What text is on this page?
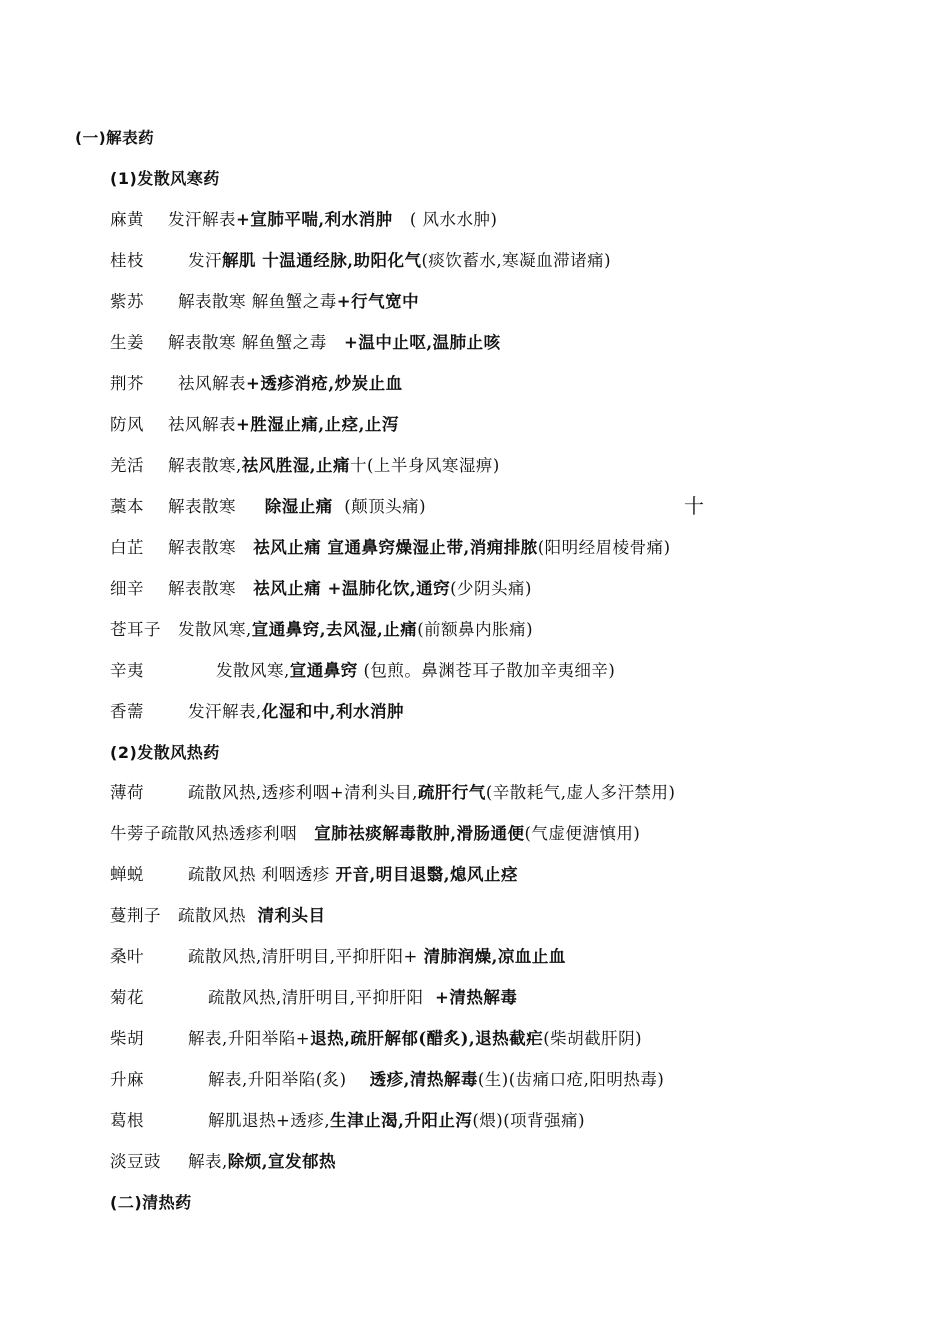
(一)解表药
(1)发散风寒药
麻黄 发汗解表+宣肺平喘,利水消肿 ( 风水水肿)
桂枝	发汗解肌 十温通经脉,助阳化气(痰饮蓄水,寒凝血滞诸痛)
紫苏 解表散寒 解鱼蟹之毒+行气宽中
生姜 解表散寒 解鱼蟹之毒 +温中止呕,温肺止咳
荆芥 祛风解表+透疹消疮,炒炭止血
防风 祛风解表+胜湿止痛,止痉,止泻
羌活 解表散寒,祛风胜湿,止痛十(上半身风寒湿痹)
藁本 解表散寒 除湿止痛 (颠顶头痛)	十
白芷 解表散寒 祛风止痛 宣通鼻窍燥湿止带,消痈排脓(阳明经眉棱骨痛)
细辛 解表散寒 祛风止痛 +温肺化饮,通窍(少阴头痛)
苍耳子 发散风寒,宣通鼻窍,去风湿,止痛(前额鼻内胀痛)
辛夷	发散风寒,宣通鼻窍 (包煎。鼻渊苍耳子散加辛夷细辛)
香薷	发汗解表,化湿和中,利水消肿
(2)发散风热药
薄荷	疏散风热,透疹利咽+清利头目,疏肝行气(辛散耗气,虚人多汗禁用)
牛蒡子疏散风热透疹利咽 宣肺祛痰解毒散肿,滑肠通便(气虚便溏慎用)
蝉蜕	疏散风热 利咽透疹 开音,明目退翳,熄风止痉
蔓荆子 疏散风热 清利头目
桑叶	疏散风热,清肝明目,平抑肝阳+ 清肺润燥,凉血止血
菊花	疏散风热,清肝明目,平抑肝阳 +清热解毒
柴胡	解表,升阳举陷+退热,疏肝解郁(醋炙),退热截疟(柴胡截肝阴)
升麻	解表,升阳举陷(炙) 透疹,清热解毒(生)(齿痛口疮,阳明热毒)
葛根	解肌退热+透疹,生津止渴,升阳止泻(煨)(项背强痛)
淡豆豉 解表,除烦,宣发郁热
(二)清热药
